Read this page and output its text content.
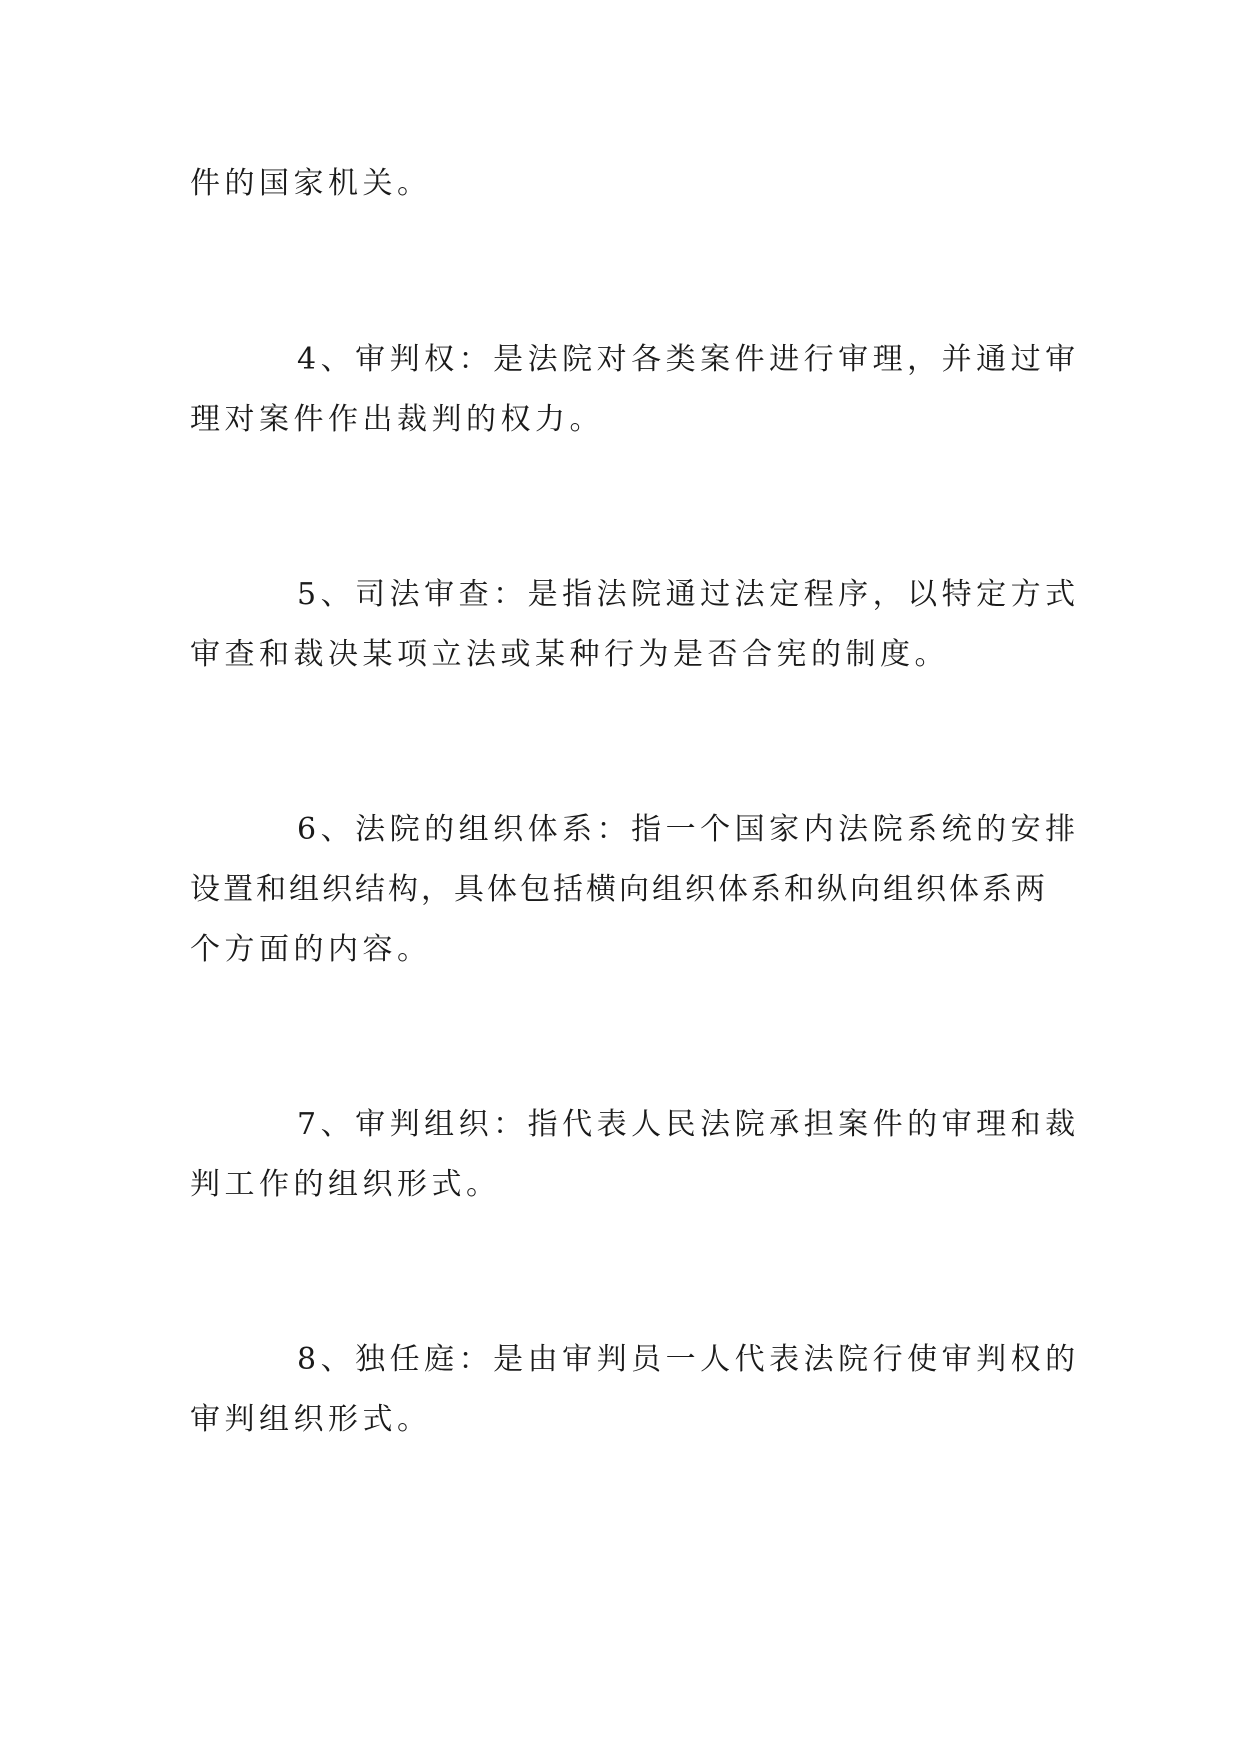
件的国家机关。
4、审判权：是法院对各类案件进行审理，并通过审
理对案件作出裁判的权力。
5、司法审查：是指法院通过法定程序，以特定方式
审查和裁决某项立法或某种行为是否合宪的制度。
6、法院的组织体系：指一个国家内法院系统的安排
设置和组织结构，具体包括横向组织体系和纵向组织体系两
个方面的内容。
7、审判组织：指代表人民法院承担案件的审理和裁
判工作的组织形式。
8、独任庭：是由审判员一人代表法院行使审判权的
审判组织形式。
